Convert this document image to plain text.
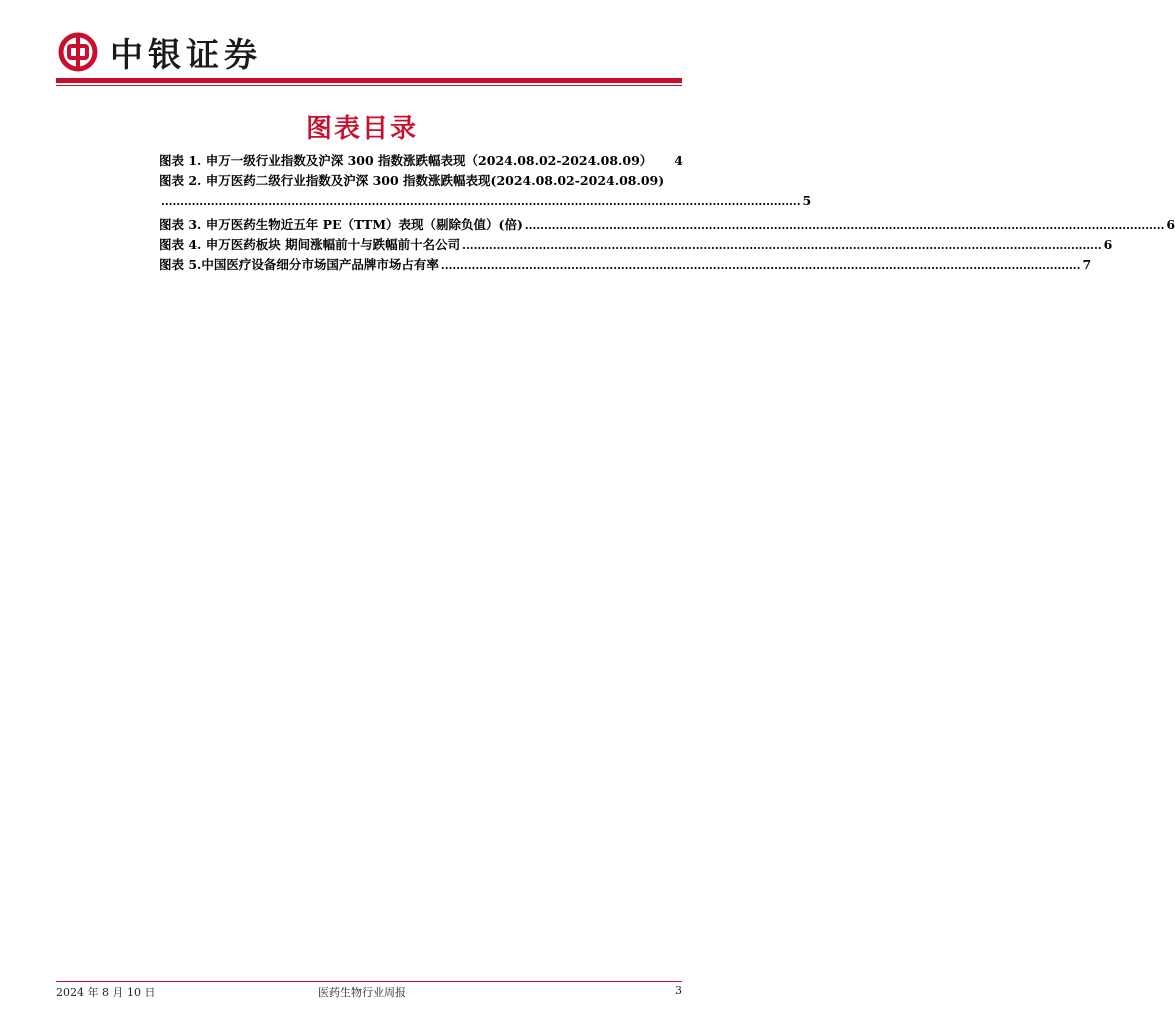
中银证券
图表目录
图表 1. 申万一级行业指数及沪深 300 指数涨跌幅表现（2024.08.02-2024.08.09） 4
图表 2. 申万医药二级行业指数及沪深 300 指数涨跌幅表现(2024.08.02-2024.08.09)
....................................................................................................................................................................... 5
图表 3. 申万医药生物近五年 PE（TTM）表现（剔除负值）(倍) ....................................................................................................................................................................... 6
图表 4. 申万医药板块 期间涨幅前十与跌幅前十名公司 ....................................................................................................................................................................... 6
图表 5.中国医疗设备细分市场国产品牌市场占有率 ....................................................................................................................................................................... 7
2024 年 8 月 10 日	医药生物行业周报	3
